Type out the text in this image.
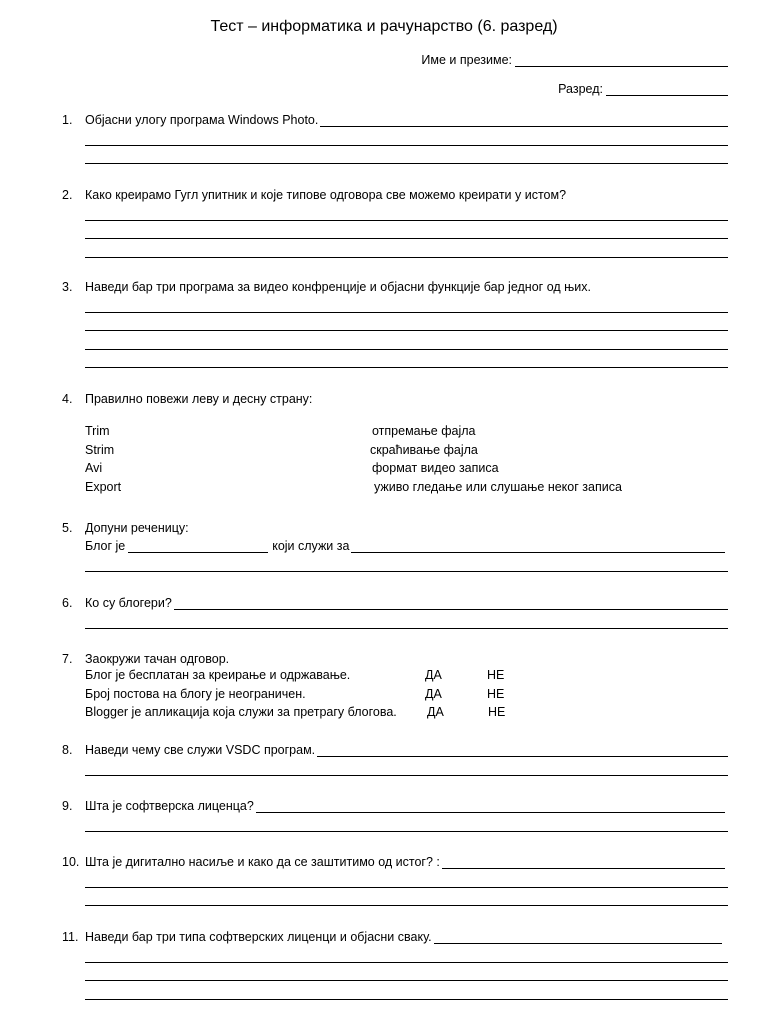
Тест – информатика и рачунарство (6. разред)
Име и презиме:
Разред:
1.	Објасни улогу програма Windows Photo.
2.	Како креирамо Гугл упитник и које типове одговора све можемо креирати у истом?
3.	Наведи бар три програма за видео конфренције и објасни функције бар једног од њих.
4.	Правилно повежи леву и десну страну:
Trim	отпремање фајла
Strim	скраћивање фајла
Avi	формат видео записа
Export	уживо гледање или слушање неког записа
5.	Допуни реченицу:
Блог је	који служи за
6.	Ко су блогери?
7.	Заокружи тачан одговор.
Блог је бесплатан за креирање и одржавање.	ДА	НЕ
Број постова на блогу је неограничен.	ДА	НЕ
Blogger је апликација која служи за претрагу блогова. ДА	НЕ
8.	Наведи чему све служи VSDC програм.
9.	Шта је софтверска лиценца?
10. Шта је дигитално насиље и како да се заштитимо од истог? :
11. Наведи бар три типа софтверских лиценци и објасни сваку.
